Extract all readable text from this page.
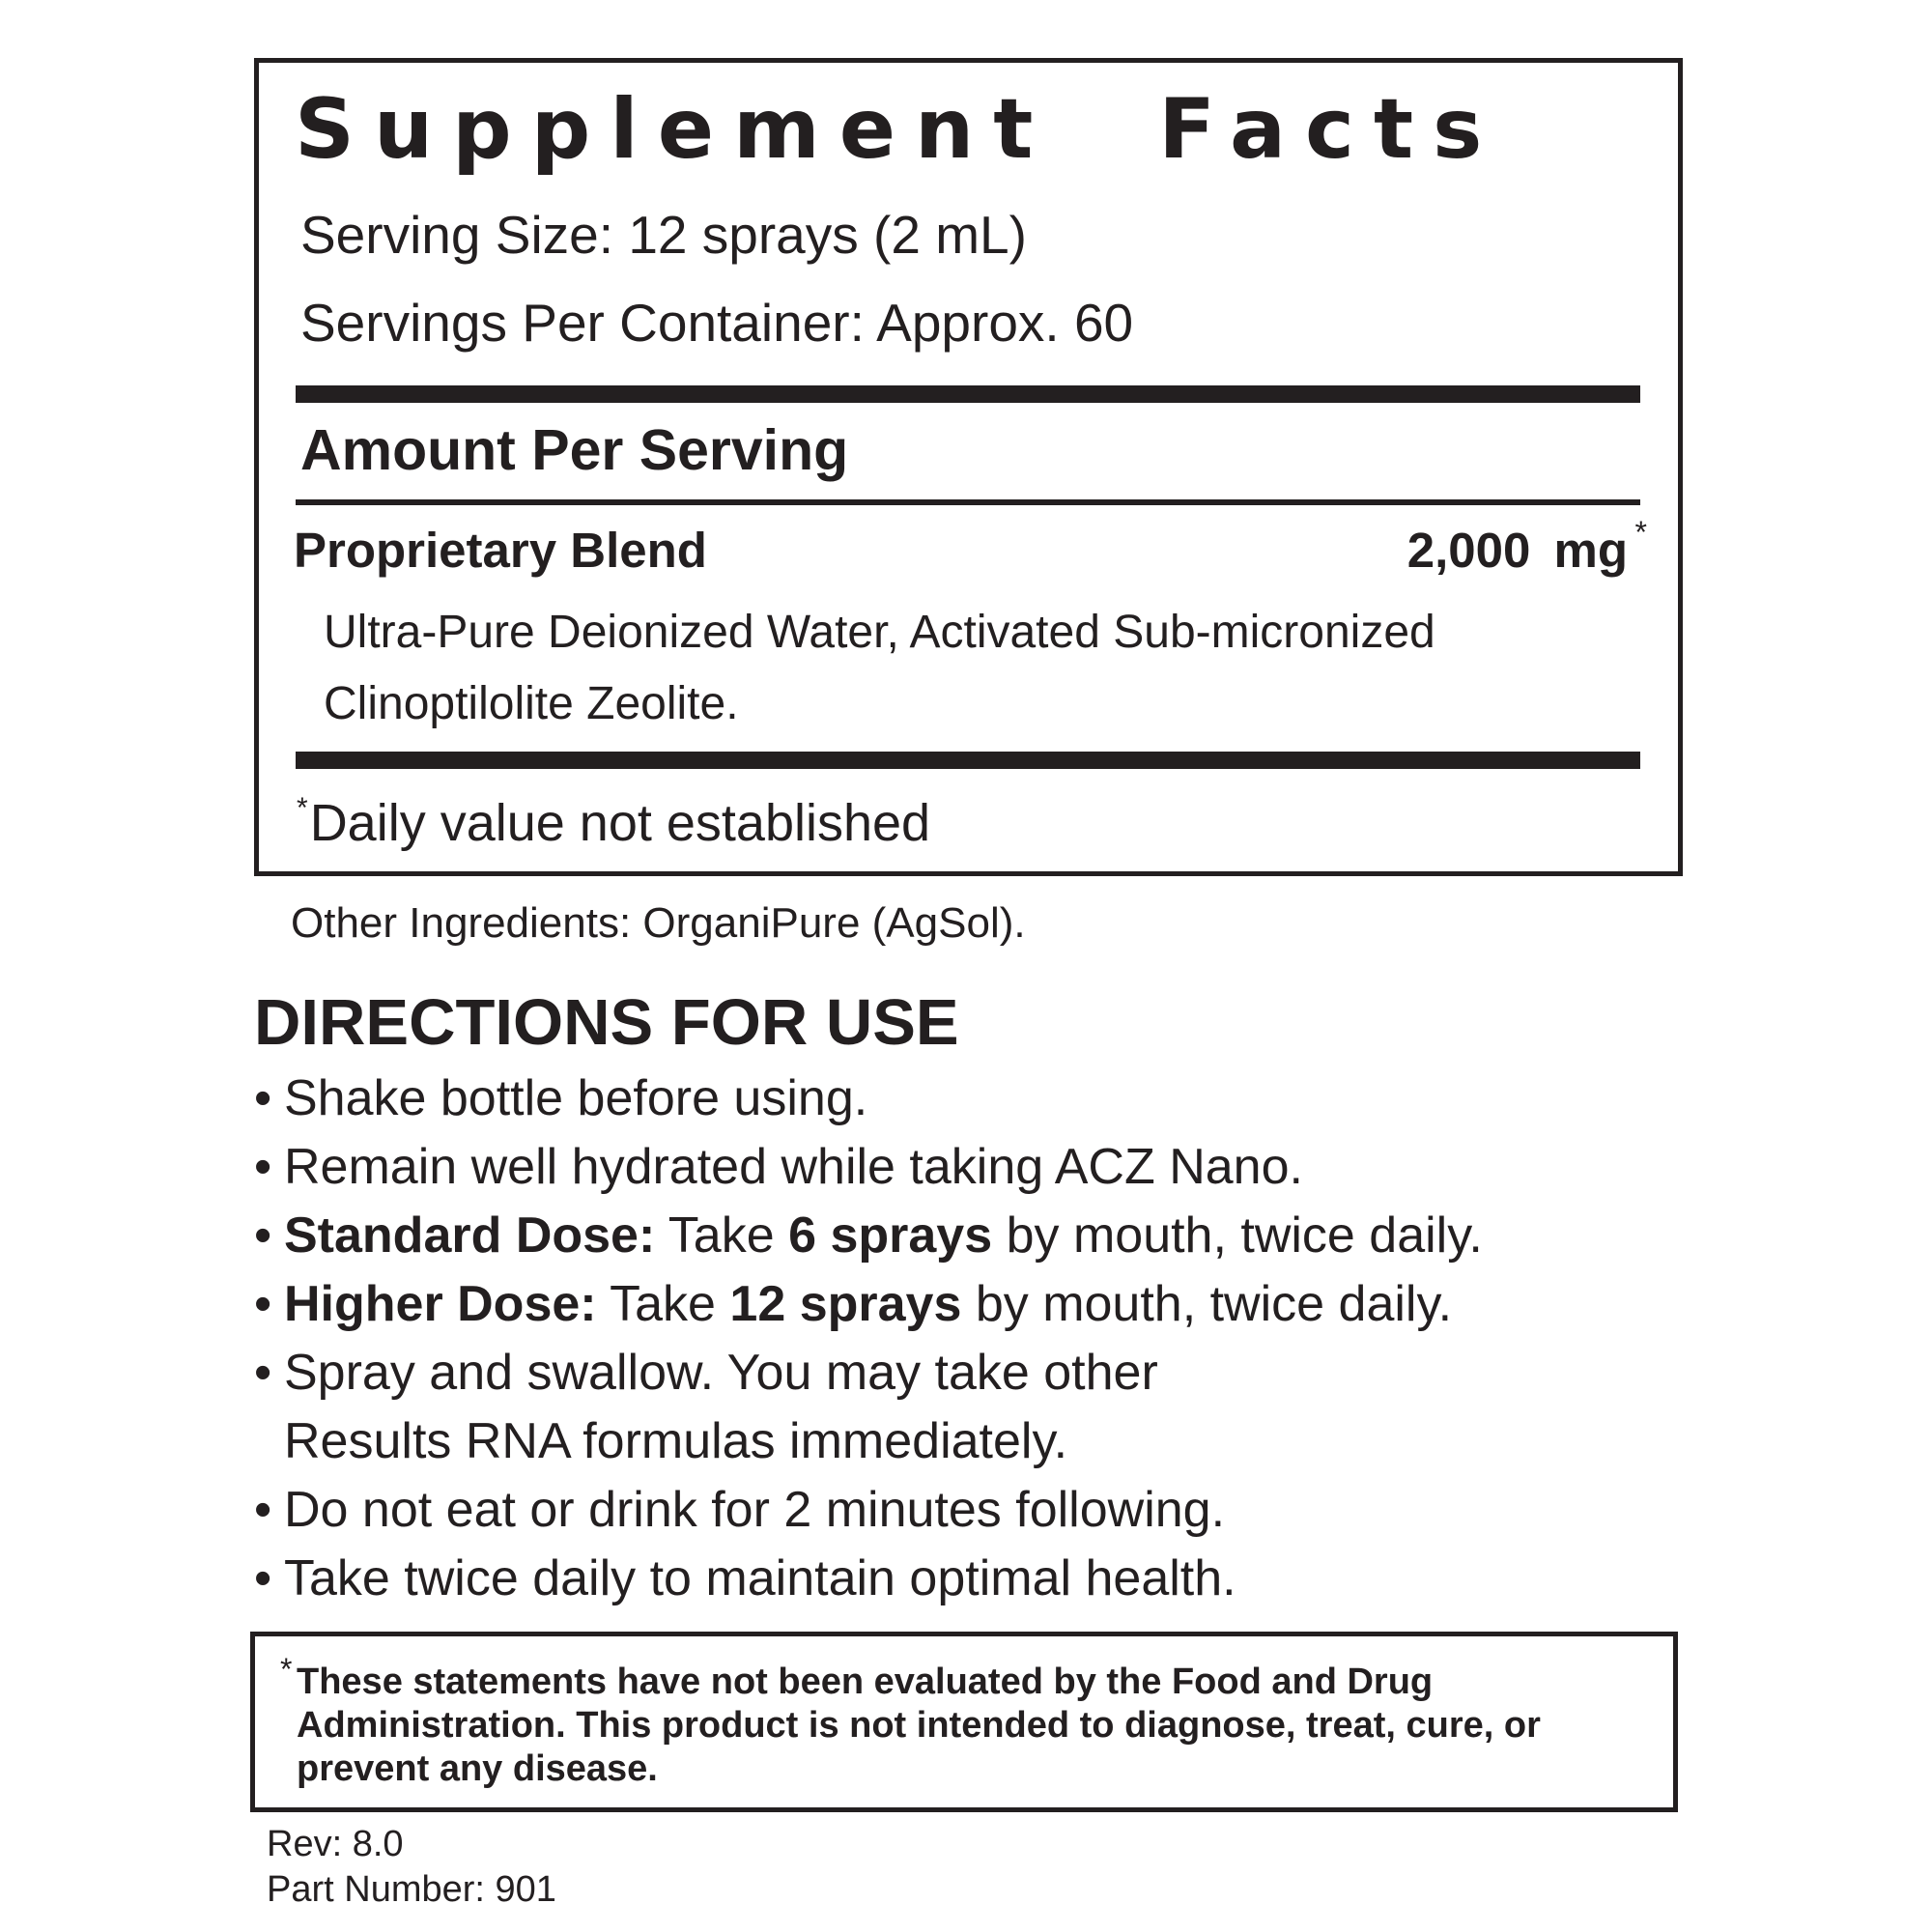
Supplement Facts
Serving Size: 12 sprays (2 mL)
Servings Per Container: Approx. 60
Amount Per Serving
Proprietary Blend	2,000 mg *
Ultra-Pure Deionized Water, Activated Sub-micronized Clinoptilolite Zeolite.
*Daily value not established
Other Ingredients: OrganiPure (AgSol).
DIRECTIONS FOR USE
• Shake bottle before using.
• Remain well hydrated while taking ACZ Nano.
• Standard Dose: Take 6 sprays by mouth, twice daily.
• Higher Dose: Take 12 sprays by mouth, twice daily.
• Spray and swallow. You may take other
Results RNA formulas immediately.
• Do not eat or drink for 2 minutes following.
• Take twice daily to maintain optimal health.
* These statements have not been evaluated by the Food and Drug Administration. This product is not intended to diagnose, treat, cure, or prevent any disease.
Rev: 8.0
Part Number: 901
